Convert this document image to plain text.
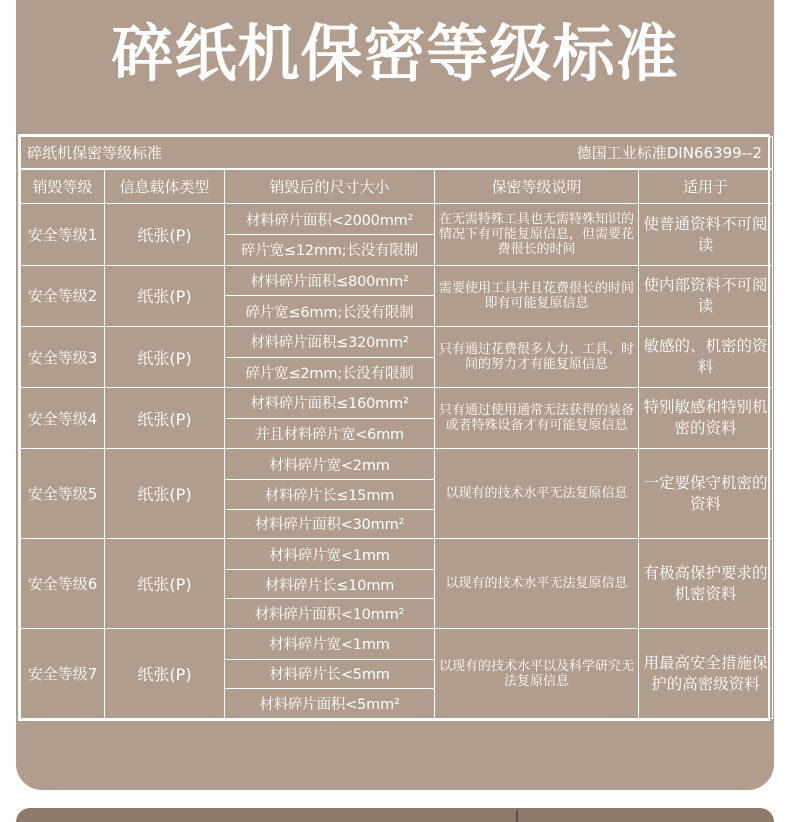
碎纸机保密等级标准
碎纸机保密等级标准			德国工业标准DIN66399--2	
销毁等级	信息载体类型	销毁后的尺寸大小	保密等级说明	适用于
安全等级1	纸张(P)	材料碎片面积<2000mm²	在无需特殊工具也无需特殊知识的情况下有可能复原信息，但需要花费很长的时间	使普通资料不可阅读
		碎片宽≤12mm;长没有限制		
安全等级2	纸张(P)	材料碎片面积≤800mm²	需要使用工具并且花费很长的时间即有可能复原信息	使内部资料不可阅读
		碎片宽≤6mm;长没有限制		
安全等级3	纸张(P)	材料碎片面积≤320mm²	只有通过花费很多人力、工具、时间的努力才有能复原信息	敏感的、机密的资料
		碎片宽≤2mm;长没有限制		
安全等级4	纸张(P)	材料碎片面积≤160mm²	只有通过使用通常无法获得的装备或者特殊设备才有可能复原信息	特别敏感和特别机密的资料
		并且材料碎片宽<6mm		
安全等级5	纸张(P)	材料碎片宽<2mm	以现有的技术水平无法复原信息	一定要保守机密的资料
		材料碎片长≤15mm		
		材料碎片面积<30mm²		
安全等级6	纸张(P)	材料碎片宽<1mm	以现有的技术水平无法复原信息	有极高保护要求的机密资料
		材料碎片长≤10mm		
		材料碎片面积<10mm²		
安全等级7	纸张(P)	材料碎片宽<1mm	以现有的技术水平以及科学研究无法复原信息	用最高安全措施保护的高密级资料
		材料碎片长<5mm		
		材料碎片面积<5mm²		
